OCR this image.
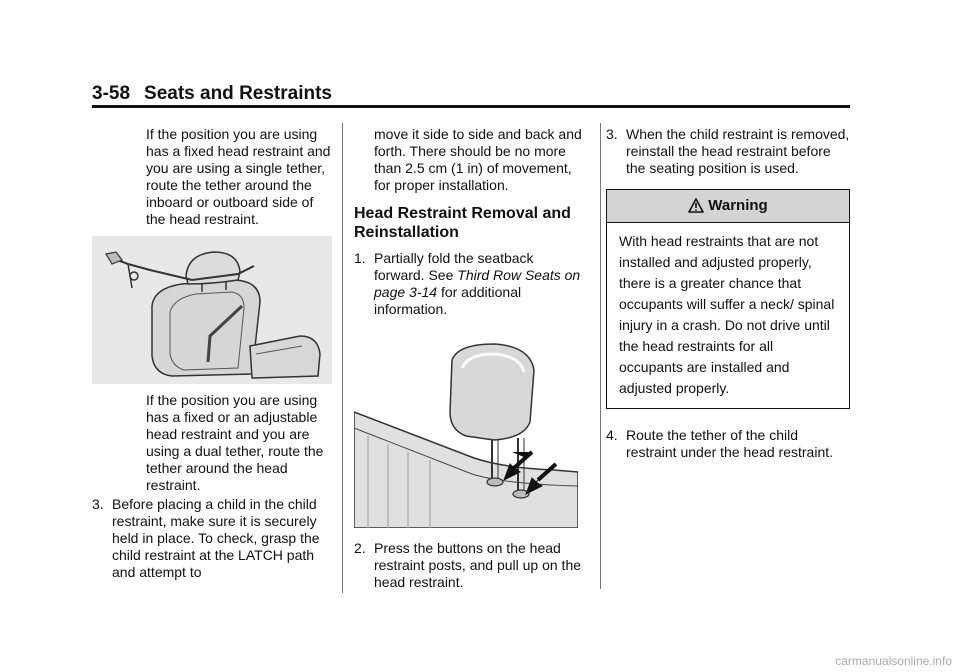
3-58 Seats and Restraints

If the position you are using has a fixed head restraint and you are using a single tether, route the tether around the inboard or outboard side of the head restraint.

If the position you are using has a fixed or an adjustable head restraint and you are using a dual tether, route the tether around the head restraint.

3. Before placing a child in the child restraint, make sure it is securely held in place. To check, grasp the child restraint at the LATCH path and attempt to

move it side to side and back and forth. There should be no more than 2.5 cm (1 in) of movement, for proper installation.

Head Restraint Removal and Reinstallation
1. Partially fold the seatback forward. See Third Row Seats on page 3-14 for additional information.
2. Press the buttons on the head restraint posts, and pull up on the head restraint.
3. When the child restraint is removed, reinstall the head restraint before the seating position is used.
Warning
With head restraints that are not installed and adjusted properly, there is a greater chance that occupants will suffer a neck/ spinal injury in a crash. Do not drive until the head restraints for all occupants are installed and adjusted properly.
4. Route the tether of the child restraint under the head restraint.
carmanualsonline.info
